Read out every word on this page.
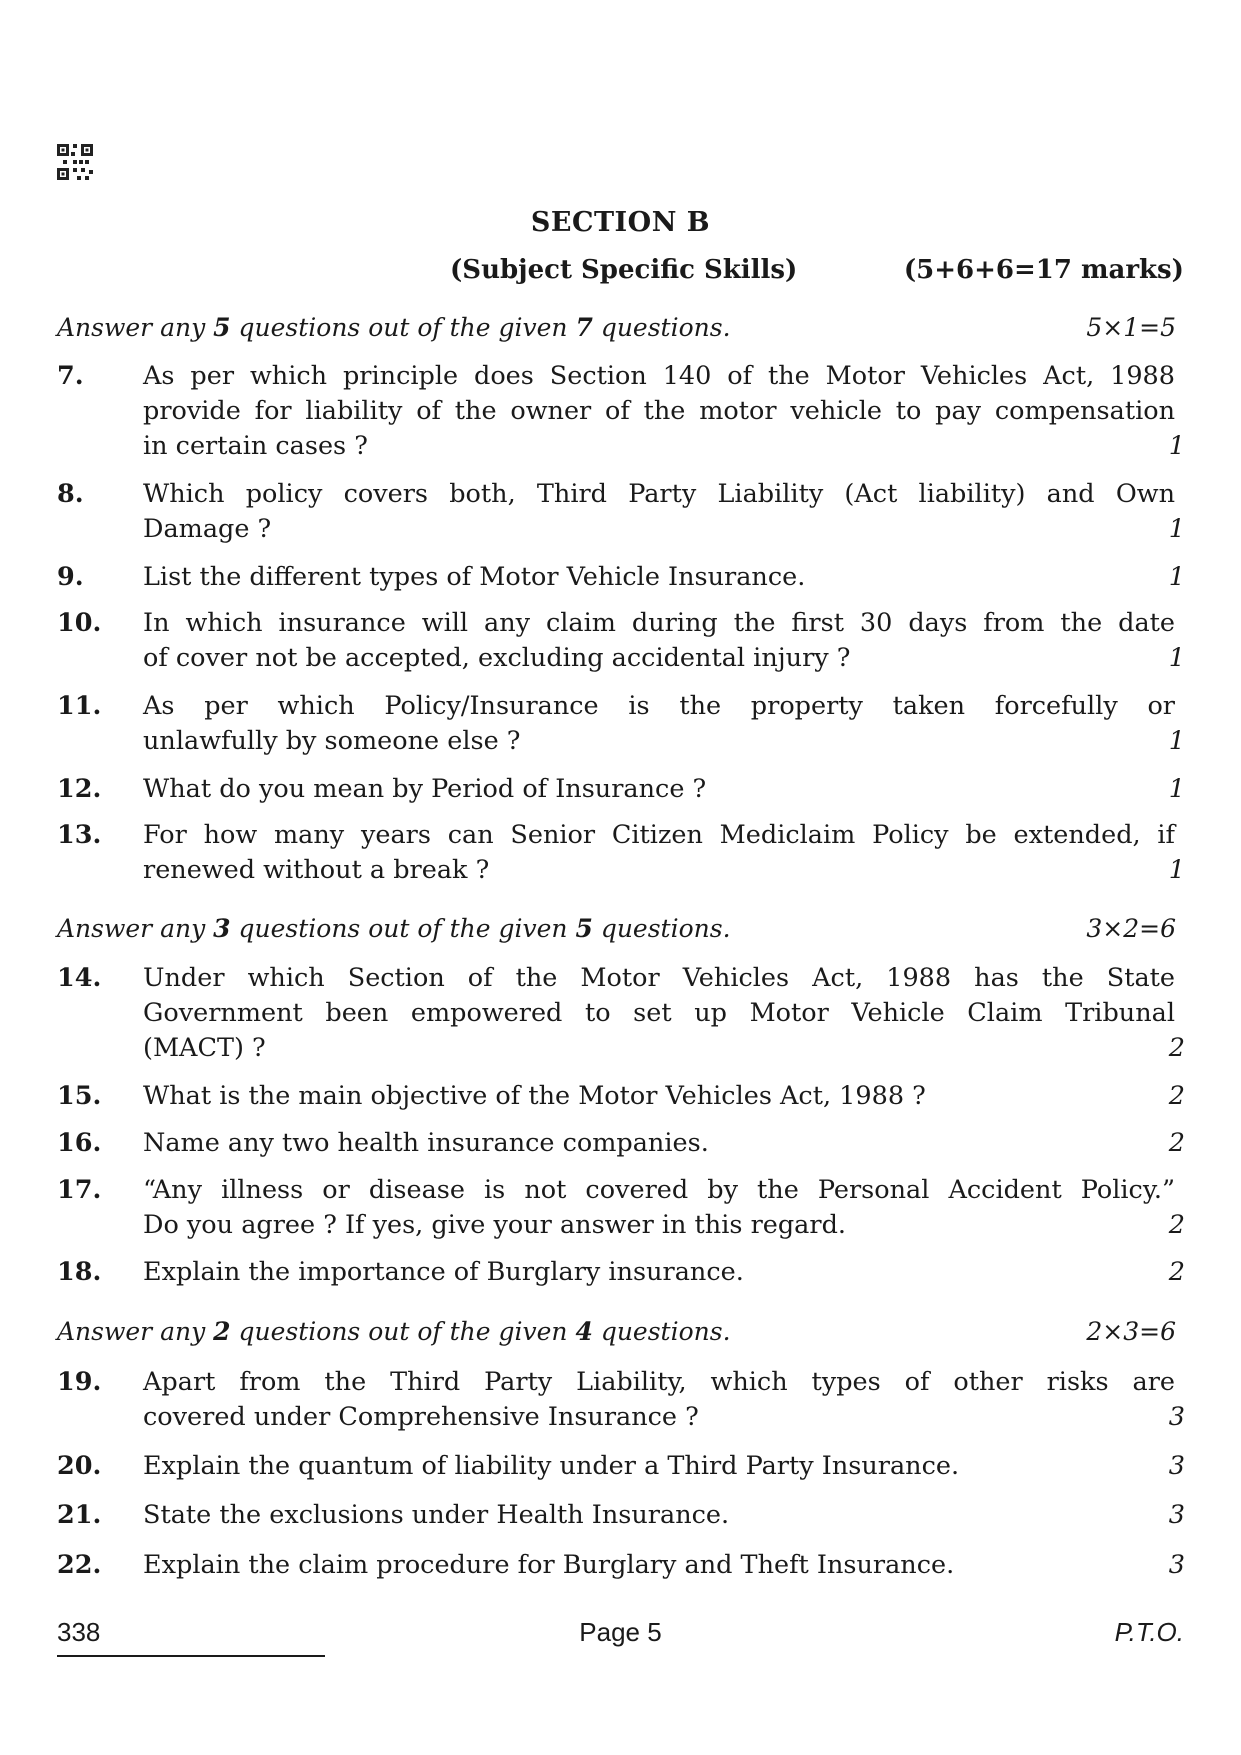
SECTION B
(Subject Specific Skills)	(5+6+6=17 marks)
Answer any 5 questions out of the given 7 questions.	5×1=5
7. As per which principle does Section 140 of the Motor Vehicles Act, 1988
provide for liability of the owner of the motor vehicle to pay compensation
in certain cases ?	1
8. Which policy covers both, Third Party Liability (Act liability) and Own
Damage ?	1
9. List the different types of Motor Vehicle Insurance.	1
10. In which insurance will any claim during the first 30 days from the date
of cover not be accepted, excluding accidental injury ?	1
11. As per which Policy/Insurance is the property taken forcefully or
unlawfully by someone else ?	1
12. What do you mean by Period of Insurance ?	1
13. For how many years can Senior Citizen Mediclaim Policy be extended, if
renewed without a break ?	1
Answer any 3 questions out of the given 5 questions.	3×2=6
14. Under which Section of the Motor Vehicles Act, 1988 has the State
Government been empowered to set up Motor Vehicle Claim Tribunal
(MACT) ?	2
15. What is the main objective of the Motor Vehicles Act, 1988 ?	2
16. Name any two health insurance companies.	2
17. “Any illness or disease is not covered by the Personal Accident Policy.”
Do you agree ? If yes, give your answer in this regard.	2
18. Explain the importance of Burglary insurance.	2
Answer any 2 questions out of the given 4 questions.	2×3=6
19. Apart from the Third Party Liability, which types of other risks are
covered under Comprehensive Insurance ?	3
20. Explain the quantum of liability under a Third Party Insurance.	3
21. State the exclusions under Health Insurance.	3
22. Explain the claim procedure for Burglary and Theft Insurance.	3
338	Page 5	P.T.O.
